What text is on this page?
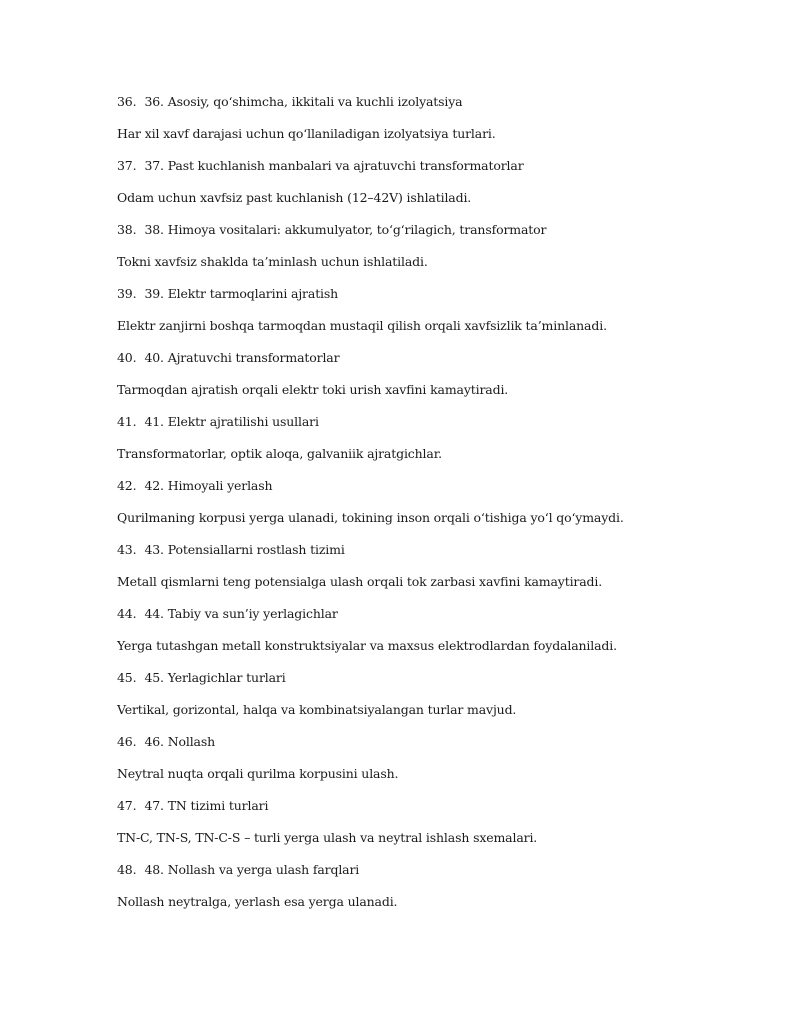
36. 36. Asosiy, qo‘shimcha, ikkitali va kuchli izolyatsiya
Har xil xavf darajasi uchun qo‘llaniladigan izolyatsiya turlari.
37. 37. Past kuchlanish manbalari va ajratuvchi transformatorlar
Odam uchun xavfsiz past kuchlanish (12–42V) ishlatiladi.
38. 38. Himoya vositalari: akkumulyator, to‘g‘rilagich, transformator
Tokni xavfsiz shaklda ta’minlash uchun ishlatiladi.
39. 39. Elektr tarmoqlarini ajratish
Elektr zanjirni boshqa tarmoqdan mustaqil qilish orqali xavfsizlik ta’minlanadi.
40. 40. Ajratuvchi transformatorlar
Tarmoqdan ajratish orqali elektr toki urish xavfini kamaytiradi.
41. 41. Elektr ajratilishi usullari
Transformatorlar, optik aloqa, galvaniik ajratgichlar.
42. 42. Himoyali yerlash
Qurilmaning korpusi yerga ulanadi, tokining inson orqali o‘tishiga yo‘l qo‘ymaydi.
43. 43. Potensiallarni rostlash tizimi
Metall qismlarni teng potensialga ulash orqali tok zarbasi xavfini kamaytiradi.
44. 44. Tabiy va sun’iy yerlagichlar
Yerga tutashgan metall konstruktsiyalar va maxsus elektrodlardan foydalaniladi.
45. 45. Yerlagichlar turlari
Vertikal, gorizontal, halqa va kombinatsiyalangan turlar mavjud.
46. 46. Nollash
Neytral nuqta orqali qurilma korpusini ulash.
47. 47. TN tizimi turlari
TN-C, TN-S, TN-C-S – turli yerga ulash va neytral ishlash sxemalari.
48. 48. Nollash va yerga ulash farqlari
Nollash neytralga, yerlash esa yerga ulanadi.
